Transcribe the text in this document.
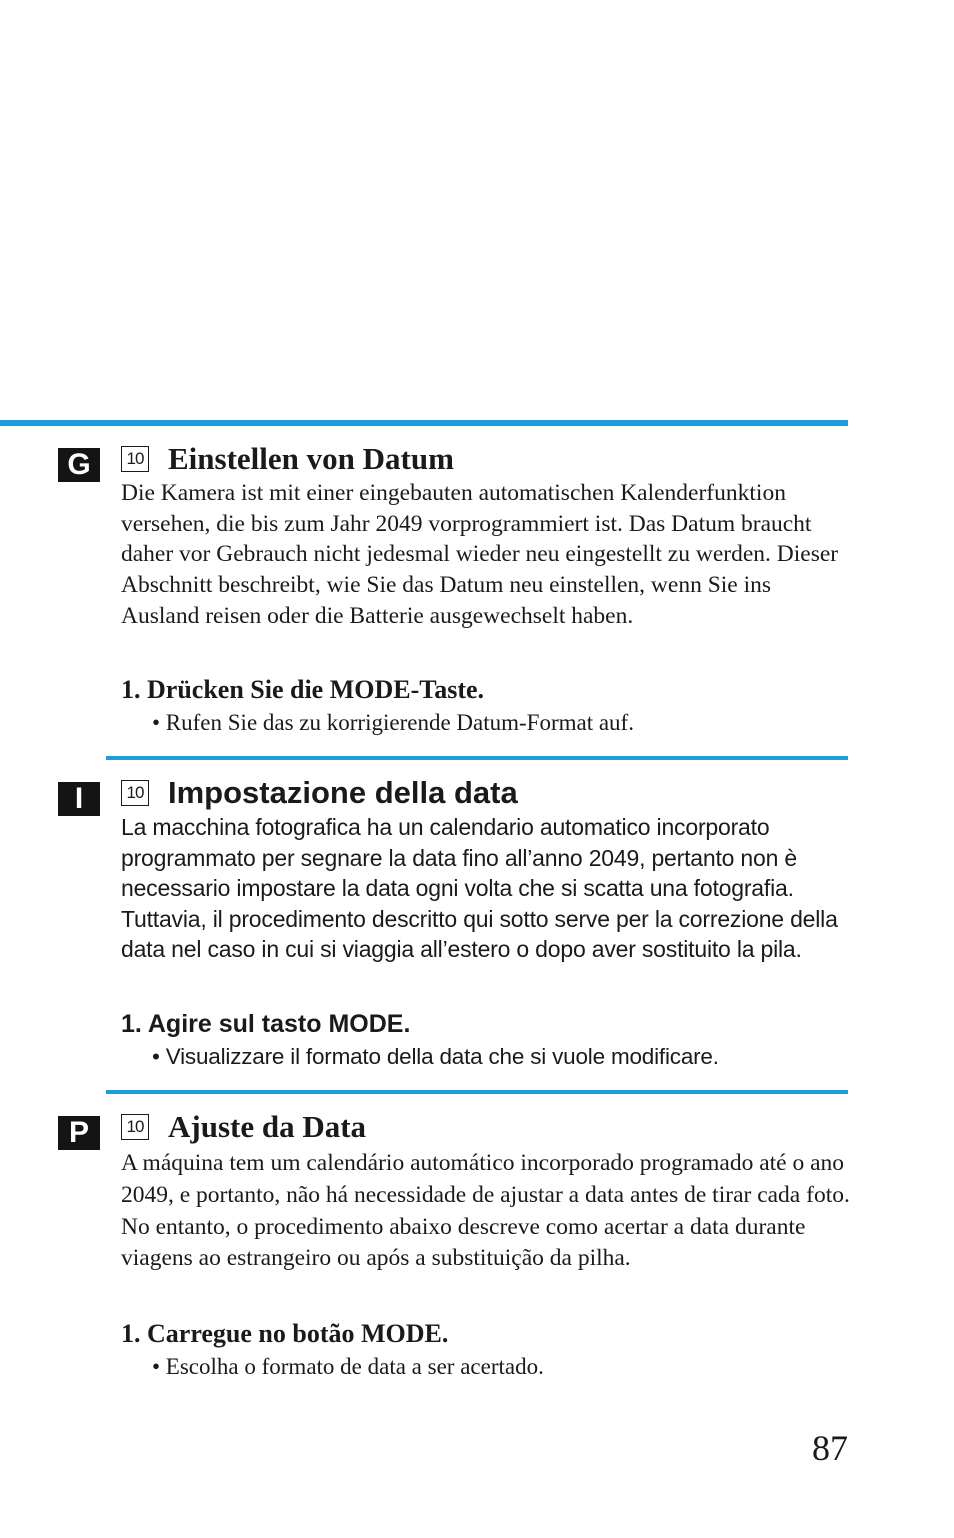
G	10 Einstellen von Datum

Die Kamera ist mit einer eingebauten automatischen Kalenderfunktion versehen, die bis zum Jahr 2049 vorprogrammiert ist. Das Datum braucht daher vor Gebrauch nicht jedesmal wieder neu eingestellt zu werden. Dieser Abschnitt beschreibt, wie Sie das Datum neu einstellen, wenn Sie ins Ausland reisen oder die Batterie ausgewechselt haben.

1. Drücken Sie die MODE-Taste.

• Rufen Sie das zu korrigierende Datum-Format auf.

I	10 Impostazione della data

La macchina fotografica ha un calendario automatico incorporato programmato per segnare la data fino all’anno 2049, pertanto non è necessario impostare la data ogni volta che si scatta una fotografia. Tuttavia, il procedimento descritto qui sotto serve per la correzione della data nel caso in cui si viaggia all’estero o dopo aver sostituito la pila.

1. Agire sul tasto MODE.

• Visualizzare il formato della data che si vuole modificare.

P	10 Ajuste da Data

A máquina tem um calendário automático incorporado programado até o ano 2049, e portanto, não há necessidade de ajustar a data antes de tirar cada foto. No entanto, o procedimento abaixo descreve como acertar a data durante viagens ao estrangeiro ou após a substituição da pilha.

1. Carregue no botão MODE.

• Escolha o formato de data a ser acertado.

87
